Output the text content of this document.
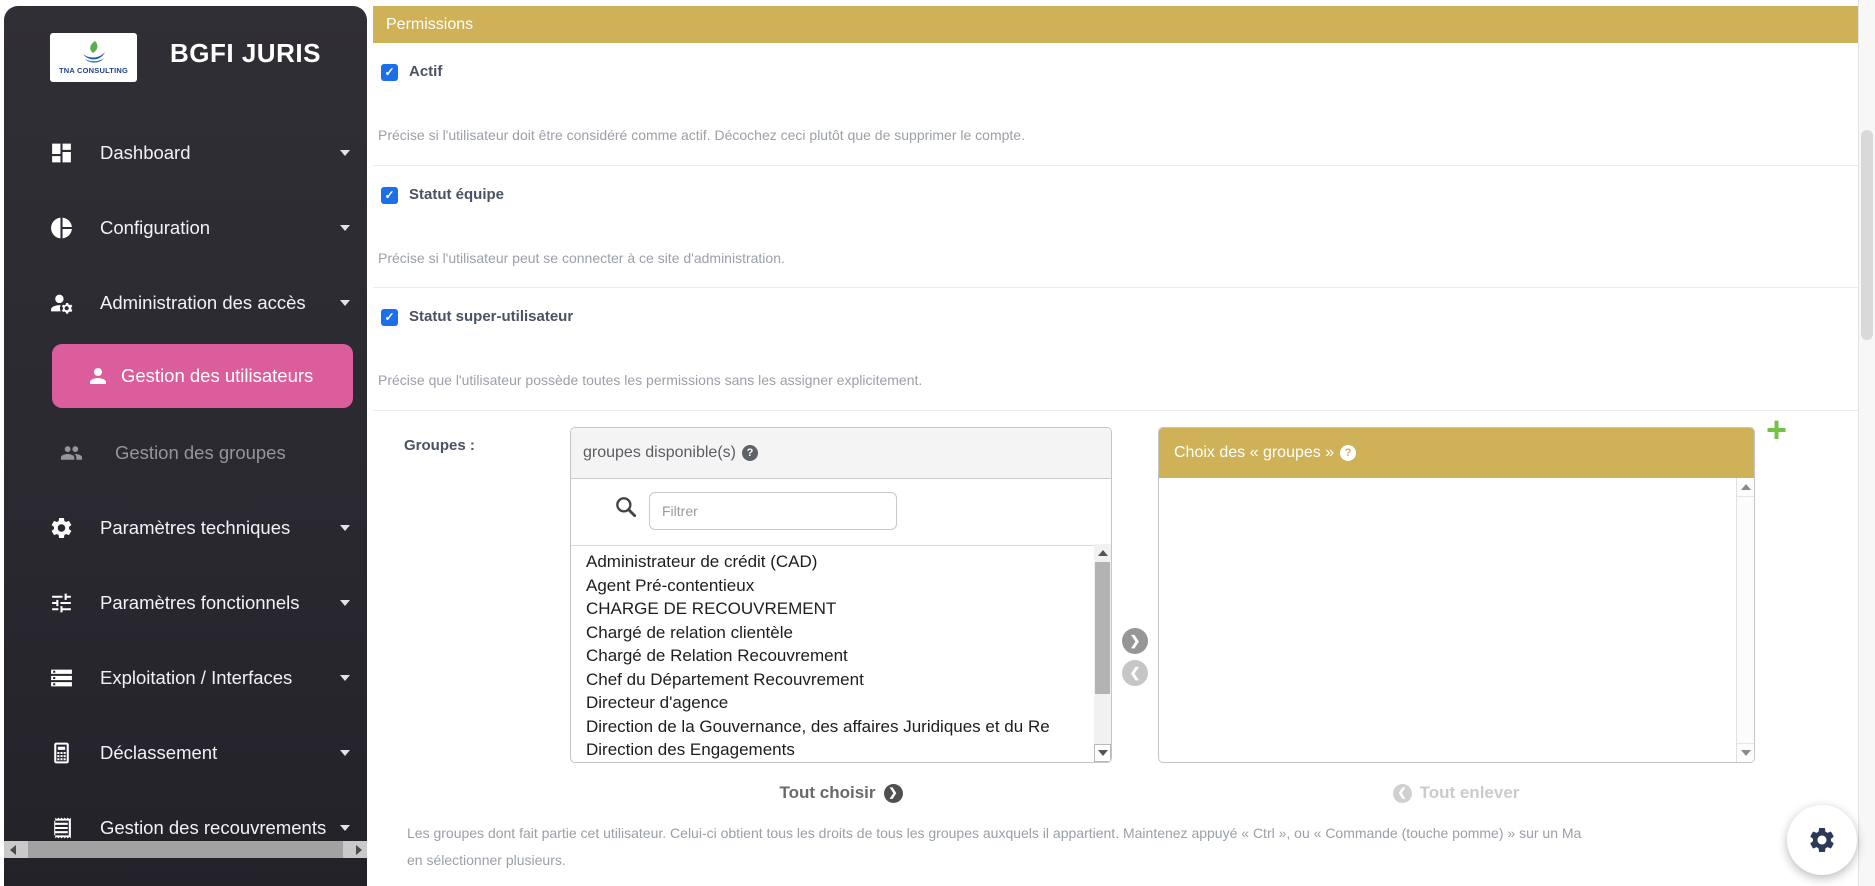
TNA CONSULTING
BGFI JURIS
Dashboard
Configuration
Administration des accès
Gestion des utilisateurs
Gestion des groupes
Paramètres techniques
Paramètres fonctionnels
Exploitation / Interfaces
Déclassement
Gestion des recouvrements
Permissions
✓ Actif
Précise si l'utilisateur doit être considéré comme actif. Décochez ceci plutôt que de supprimer le compte.
✓ Statut équipe
Précise si l'utilisateur peut se connecter à ce site d'administration.
✓ Statut super-utilisateur
Précise que l'utilisateur possède toutes les permissions sans les assigner explicitement.
Groupes :	groupes disponible(s) ?
Filtrer
Administrateur de crédit (CAD)
Agent Pré-contentieux
CHARGE DE RECOUVREMENT
Chargé de relation clientèle
Chargé de Relation Recouvrement
Chef du Département Recouvrement
Directeur d'agence
Direction de la Gouvernance, des affaires Juridiques et du Re
Direction des Engagements
❯
❮
Choix des « groupes » ?
+
Tout choisir ❯	❮ Tout enlever
Les groupes dont fait partie cet utilisateur. Celui-ci obtient tous les droits de tous les groupes auxquels il appartient. Maintenez appuyé « Ctrl », ou « Commande (touche pomme) » sur un Ma
en sélectionner plusieurs.
